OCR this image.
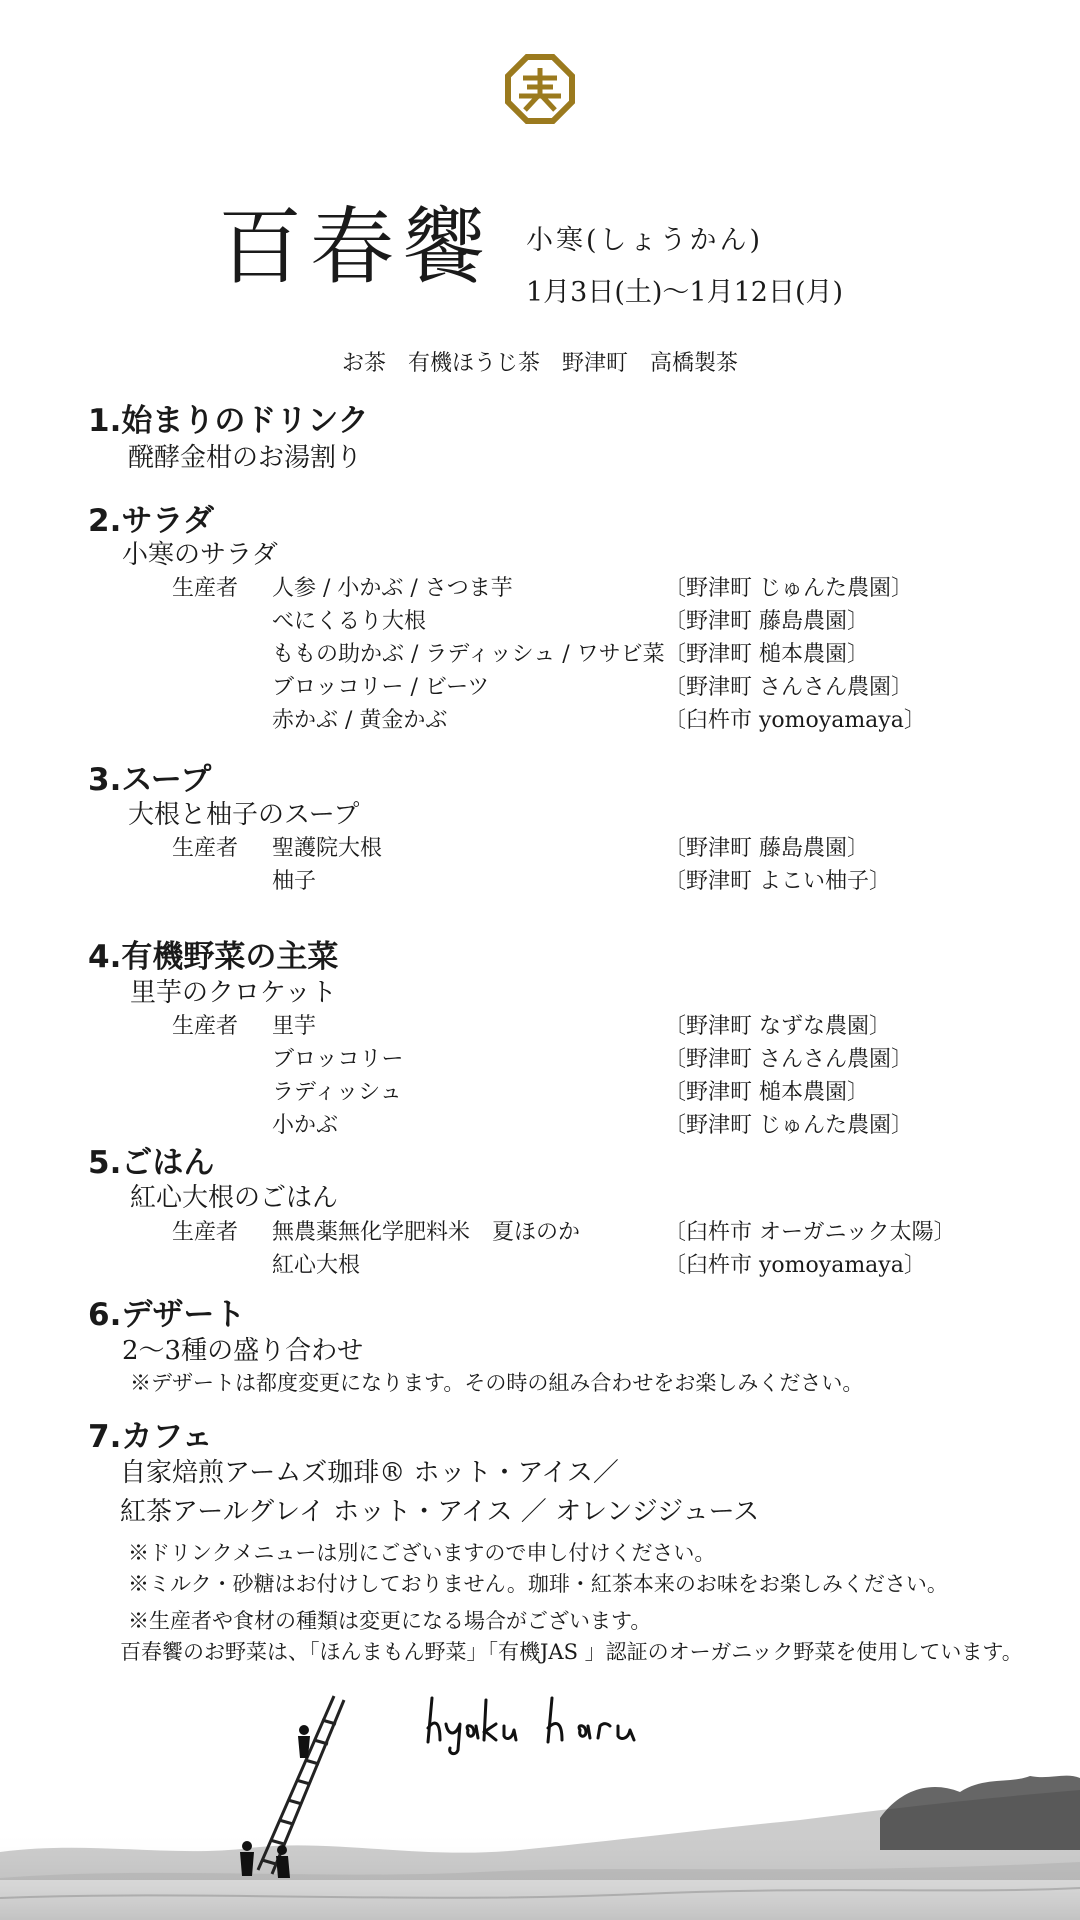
百春饗 小寒(しょうかん)
1月3日(土)〜1月12日(月)
お茶　有機ほうじ茶　野津町　高橋製茶
1.始まりのドリンク
醗酵金柑のお湯割り
2.サラダ
小寒のサラダ
生産者 人参 / 小かぶ / さつま芋	〔野津町 じゅんた農園〕
べにくるり大根	〔野津町 藤島農園〕
ももの助かぶ / ラディッシュ / ワサビ菜 〔野津町 槌本農園〕
ブロッコリー / ビーツ	〔野津町 さんさん農園〕
赤かぶ / 黄金かぶ	〔臼杵市 yomoyamaya〕
3.スープ
大根と柚子のスープ
生産者 聖護院大根	〔野津町 藤島農園〕
柚子	〔野津町 よこい柚子〕
4.有機野菜の主菜
里芋のクロケット
生産者 里芋	〔野津町 なずな農園〕
ブロッコリー	〔野津町 さんさん農園〕
ラディッシュ	〔野津町 槌本農園〕
小かぶ	〔野津町 じゅんた農園〕
5.ごはん
紅心大根のごはん
生産者 無農薬無化学肥料米　夏ほのか	〔臼杵市 オーガニック太陽〕
紅心大根	〔臼杵市 yomoyamaya〕
6.デザート
2〜3種の盛り合わせ
※デザートは都度変更になります。その時の組み合わせをお楽しみください。
7.カフェ
自家焙煎アームズ珈琲® ホット・アイス／
紅茶アールグレイ ホット・アイス ／ オレンジジュース
※ドリンクメニューは別にございますので申し付けください。
※ミルク・砂糖はお付けしておりません。珈琲・紅茶本来のお味をお楽しみください。
※生産者や食材の種類は変更になる場合がございます。
百春饗のお野菜は、「ほんまもん野菜」「有機JAS 」認証のオーガニック野菜を使用しています。
